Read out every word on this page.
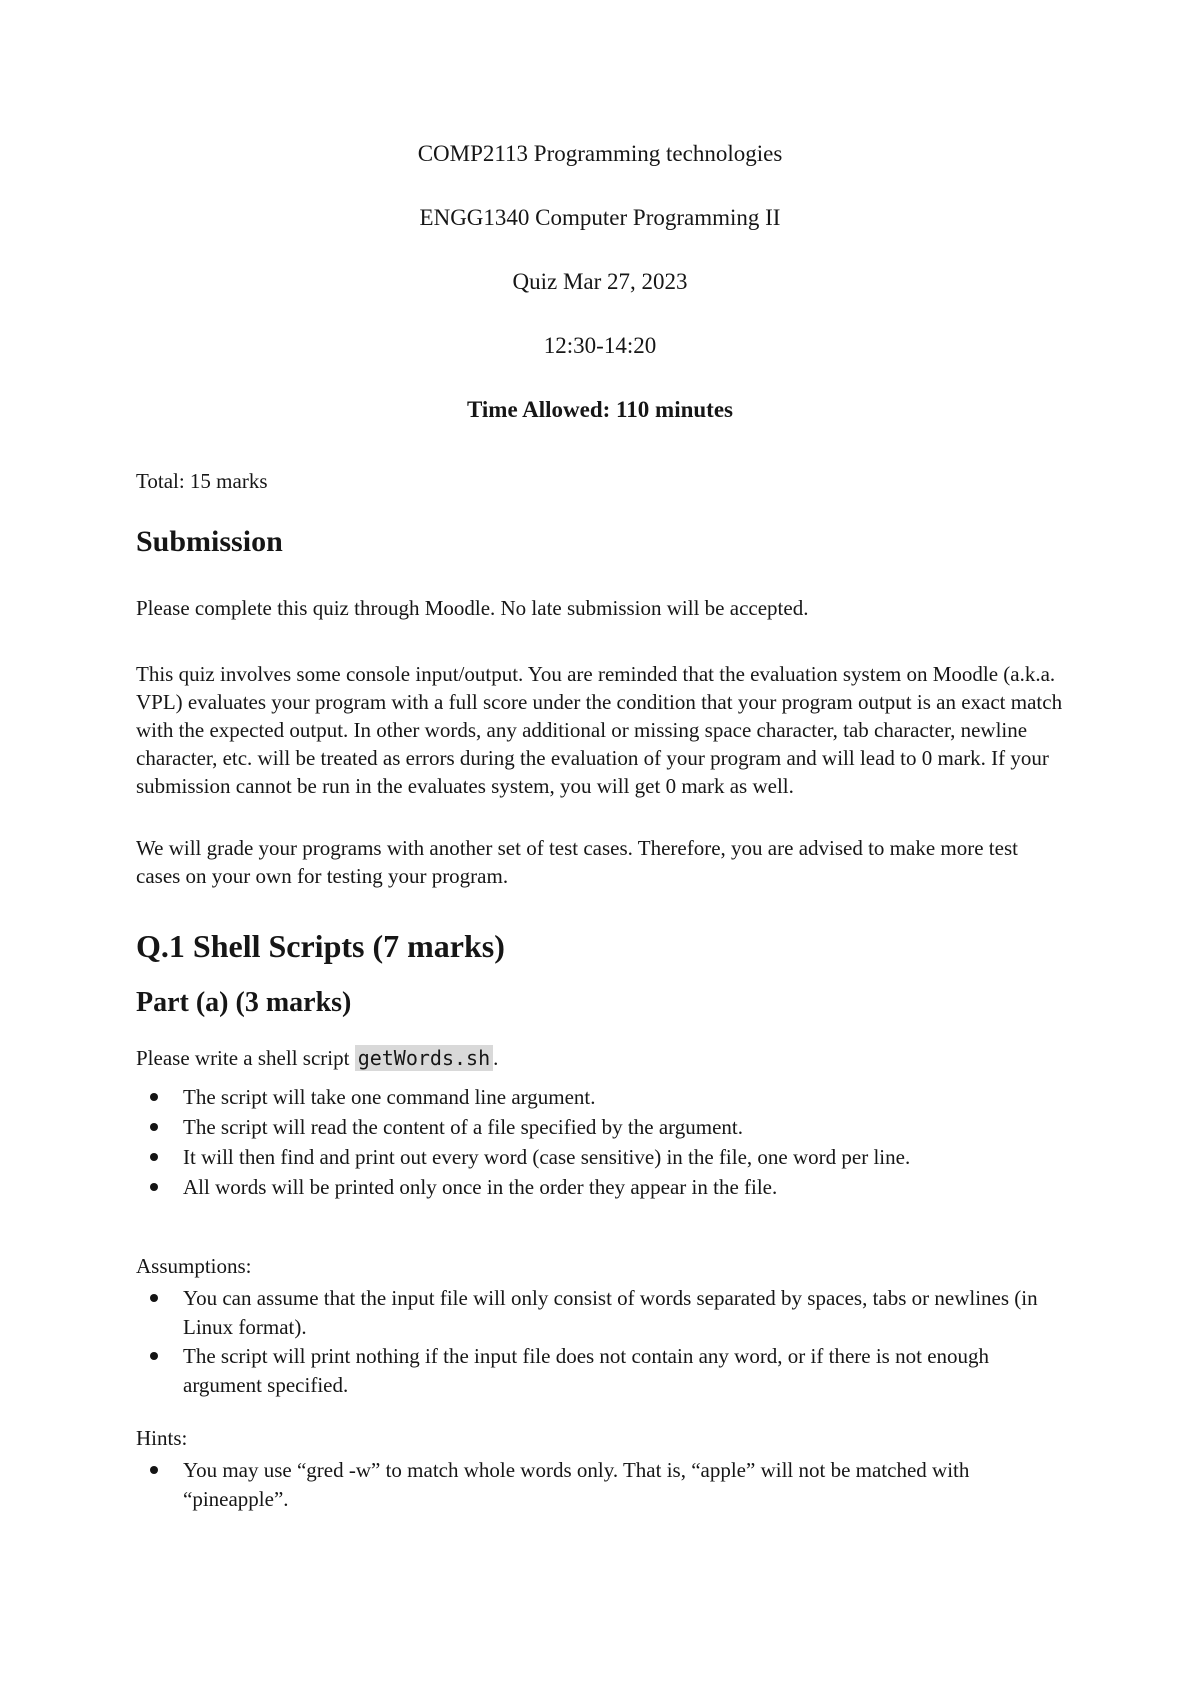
COMP2113 Programming technologies
ENGG1340 Computer Programming II
Quiz Mar 27, 2023
12:30-14:20
Time Allowed: 110 minutes

Total: 15 marks

Submission

Please complete this quiz through Moodle. No late submission will be accepted.

This quiz involves some console input/output. You are reminded that the evaluation system on Moodle (a.k.a. VPL) evaluates your program with a full score under the condition that your program output is an exact match with the expected output. In other words, any additional or missing space character, tab character, newline character, etc. will be treated as errors during the evaluation of your program and will lead to 0 mark. If your submission cannot be run in the evaluates system, you will get 0 mark as well.

We will grade your programs with another set of test cases. Therefore, you are advised to make more test cases on your own for testing your program.

Q.1 Shell Scripts (7 marks)
Part (a) (3 marks)

Please write a shell script getWords.sh .

The script will take one command line argument.
The script will read the content of a file specified by the argument.
It will then find and print out every word (case sensitive) in the file, one word per line.
All words will be printed only once in the order they appear in the file.

Assumptions:

You can assume that the input file will only consist of words separated by spaces, tabs or newlines (in Linux format).
The script will print nothing if the input file does not contain any word, or if there is not enough argument specified.

Hints:

You may use “gred -w” to match whole words only. That is, “apple” will not be matched with “pineapple”.
